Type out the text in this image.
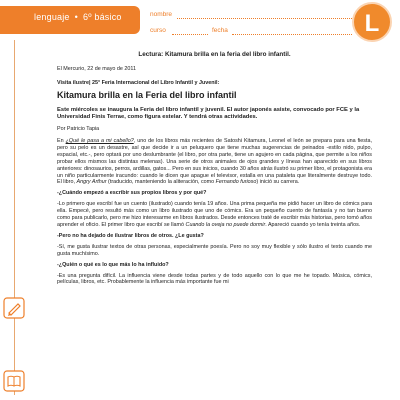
lenguaje • 6º básico	nombre
curso	fecha	L
Lectura: Kitamura brilla en la feria del libro infantil.
El Mercurio, 22 de mayo de 2011
Visita ilustre| 25° Feria Internacional del Libro Infantil y Juvenil:
Kitamura brilla en la Feria del libro infantil
Este miércoles se inaugura la Feria del libro infantil y juvenil. El autor japonés asiste, convocado por FCE y la Universidad Finis Terrae, como figura estelar. Y tendrá otras actividades.
Por Patricio Tapia

En ¿Qué le pasa a mi cabello?, uno de los libros más recientes de Satoshi Kitamura, Leonel el león se prepara para una fiesta, pero su pelo es un desastre, así que decide ir a un peluquero que tiene muchas sugerencias de peinados -estilo nido, pulpo, espacial, etc.-, pero optará por uno deslumbrante (el libro, por otra parte, tiene un agujero en cada página, que permite a los niños probar ellos mismos las distintas melenas). Una serie de otros animales de ojos grandes y líneas han aparecido en sus libros anteriores: dinosaurios, perros, ardillas, gatos... Pero en sus inicios, cuando 30 años atrás ilustró su primer libro, el protagonista era un niño particularmente iracundo: cuando le dicen que apague el televisor, estalla en una pataleta que literalmente destruye todo. El libro, Angry Arthur (traducido, manteniendo la aliteración, como Fernando furioso) inició su carrera.

-¿Cuándo empezó a escribir sus propios libros y por qué?

-Lo primero que escribí fue un cuento (ilustrado) cuando tenía 19 años. Una prima pequeña me pidió hacer un libro de cómics para ella. Empecé, pero resultó más como un libro ilustrado que uno de cómics. Era un pequeño cuento de fantasía y no tan bueno como para publicarlo, pero me hizo interesarme en libros ilustrados. Desde entonces traté de escribir más historias, pero tomó años aprender el oficio. El primer libro que escribí se llamó Cuando la oveja no puede dormir. Apareció cuando yo tenía treinta años.

-Pero no ha dejado de ilustrar libros de otros. ¿Le gusta?

-Sí, me gusta ilustrar textos de otras personas, especialmente poesía. Pero no soy muy flexible y sólo ilustro el texto cuando me gusta muchísimo.

-¿Quién o qué es lo que más lo ha influido?

-Es una pregunta difícil. La influencia viene desde todas partes y de todo aquello con lo que me he topado. Música, cómics, películas, libros, etc. Probablemente la influencia más importante fue mi
